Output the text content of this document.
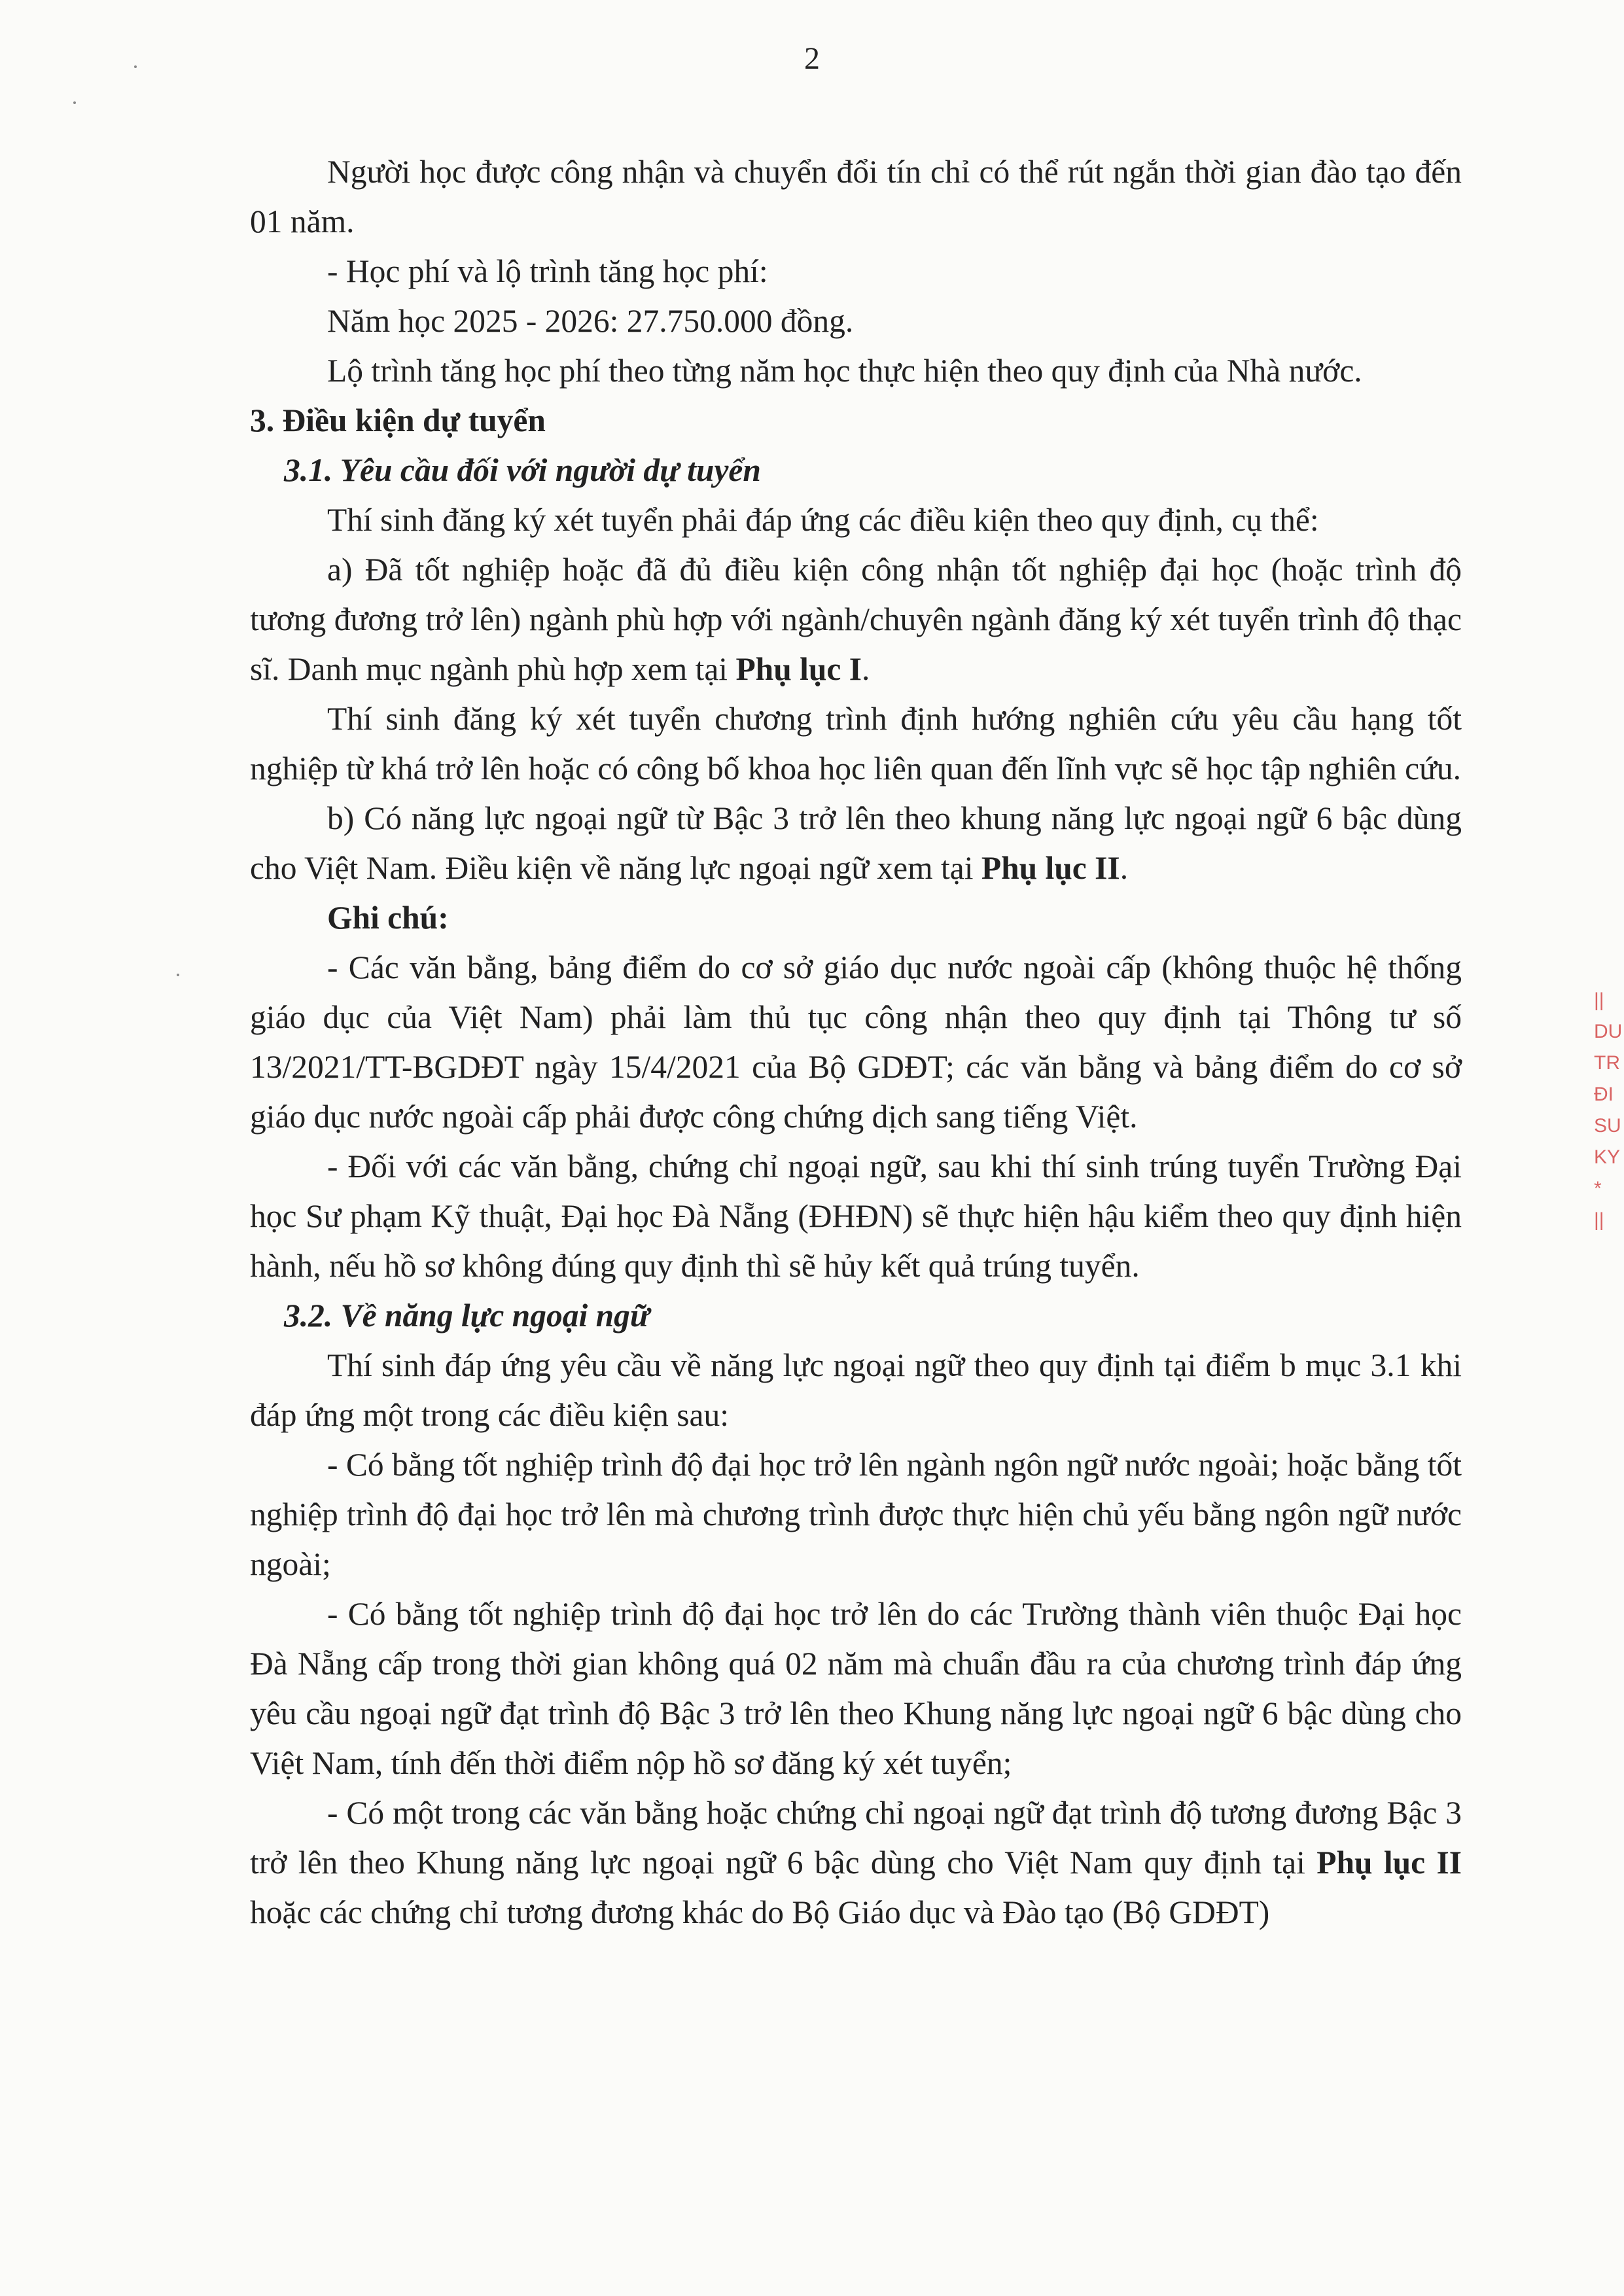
2

Người học được công nhận và chuyển đổi tín chỉ có thể rút ngắn thời gian đào tạo đến 01 năm.

- Học phí và lộ trình tăng học phí:

Năm học 2025 - 2026: 27.750.000 đồng.

Lộ trình tăng học phí theo từng năm học thực hiện theo quy định của Nhà nước.

3. Điều kiện dự tuyển

3.1. Yêu cầu đối với người dự tuyển

Thí sinh đăng ký xét tuyển phải đáp ứng các điều kiện theo quy định, cụ thể:

a) Đã tốt nghiệp hoặc đã đủ điều kiện công nhận tốt nghiệp đại học (hoặc trình độ tương đương trở lên) ngành phù hợp với ngành/chuyên ngành đăng ký xét tuyển trình độ thạc sĩ. Danh mục ngành phù hợp xem tại Phụ lục I.

Thí sinh đăng ký xét tuyển chương trình định hướng nghiên cứu yêu cầu hạng tốt nghiệp từ khá trở lên hoặc có công bố khoa học liên quan đến lĩnh vực sẽ học tập nghiên cứu.

b) Có năng lực ngoại ngữ từ Bậc 3 trở lên theo khung năng lực ngoại ngữ 6 bậc dùng cho Việt Nam. Điều kiện về năng lực ngoại ngữ xem tại Phụ lục II.

Ghi chú:

- Các văn bằng, bảng điểm do cơ sở giáo dục nước ngoài cấp (không thuộc hệ thống giáo dục của Việt Nam) phải làm thủ tục công nhận theo quy định tại Thông tư số 13/2021/TT-BGDĐT ngày 15/4/2021 của Bộ GDĐT; các văn bằng và bảng điểm do cơ sở giáo dục nước ngoài cấp phải được công chứng dịch sang tiếng Việt.

- Đối với các văn bằng, chứng chỉ ngoại ngữ, sau khi thí sinh trúng tuyển Trường Đại học Sư phạm Kỹ thuật, Đại học Đà Nẵng (ĐHĐN) sẽ thực hiện hậu kiểm theo quy định hiện hành, nếu hồ sơ không đúng quy định thì sẽ hủy kết quả trúng tuyển.

3.2. Về năng lực ngoại ngữ

Thí sinh đáp ứng yêu cầu về năng lực ngoại ngữ theo quy định tại điểm b mục 3.1 khi đáp ứng một trong các điều kiện sau:

- Có bằng tốt nghiệp trình độ đại học trở lên ngành ngôn ngữ nước ngoài; hoặc bằng tốt nghiệp trình độ đại học trở lên mà chương trình được thực hiện chủ yếu bằng ngôn ngữ nước ngoài;

- Có bằng tốt nghiệp trình độ đại học trở lên do các Trường thành viên thuộc Đại học Đà Nẵng cấp trong thời gian không quá 02 năm mà chuẩn đầu ra của chương trình đáp ứng yêu cầu ngoại ngữ đạt trình độ Bậc 3 trở lên theo Khung năng lực ngoại ngữ 6 bậc dùng cho Việt Nam, tính đến thời điểm nộp hồ sơ đăng ký xét tuyển;

- Có một trong các văn bằng hoặc chứng chỉ ngoại ngữ đạt trình độ tương đương Bậc 3 trở lên theo Khung năng lực ngoại ngữ 6 bậc dùng cho Việt Nam quy định tại Phụ lục II hoặc các chứng chỉ tương đương khác do Bộ Giáo dục và Đào tạo (Bộ GDĐT)

||
DU
TR
ĐI
SU
KY
*
||
